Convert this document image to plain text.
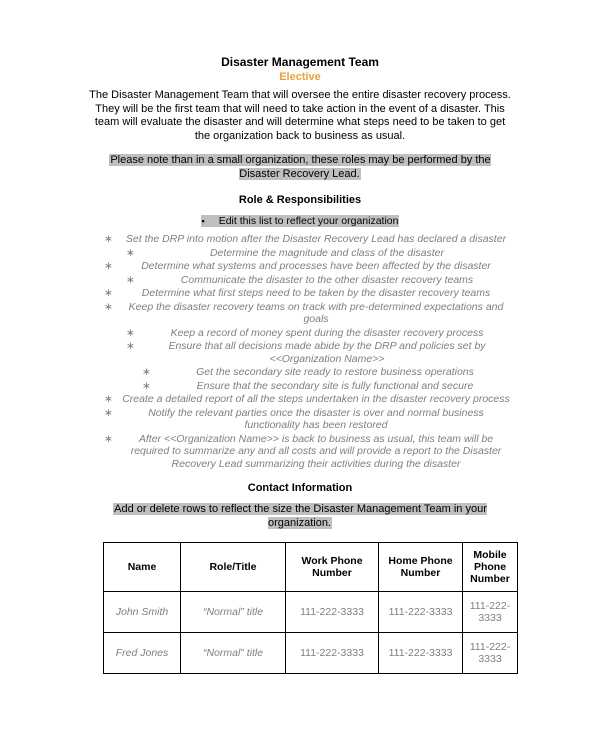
Disaster Management Team
Elective

The Disaster Management Team that will oversee the entire disaster recovery process. They will be the first team that will need to take action in the event of a disaster. This team will evaluate the disaster and will determine what steps need to be taken to get the organization back to business as usual.

Please note than in a small organization, these roles may be performed by the Disaster Recovery Lead.

Role & Responsibilities
▪ Edit this list to reflect your organization
∗	Set the DRP into motion after the Disaster Recovery Lead has declared a disaster
∗	Determine the magnitude and class of the disaster
∗	Determine what systems and processes have been affected by the disaster
∗	Communicate the disaster to the other disaster recovery teams
∗	Determine what first steps need to be taken by the disaster recovery teams
∗	Keep the disaster recovery teams on track with pre-determined expectations and goals
∗	Keep a record of money spent during the disaster recovery process
∗	Ensure that all decisions made abide by the DRP and policies set by <<Organization Name>>
∗	Get the secondary site ready to restore business operations
∗	Ensure that the secondary site is fully functional and secure
∗ Create a detailed report of all the steps undertaken in the disaster recovery process
∗	Notify the relevant parties once the disaster is over and normal business functionality has been restored
∗	After <<Organization Name>> is back to business as usual, this team will be required to summarize any and all costs and will provide a report to the Disaster Recovery Lead summarizing their activities during the disaster
Contact Information

Add or delete rows to reflect the size the Disaster Management Team in your organization.

Name	Role/Title	Work Phone Number	Home Phone Number	Mobile Phone Number
John Smith	“Normal” title	111-222-3333	111-222-3333	111-222-3333
Fred Jones	“Normal” title	111-222-3333	111-222-3333	111-222-3333
